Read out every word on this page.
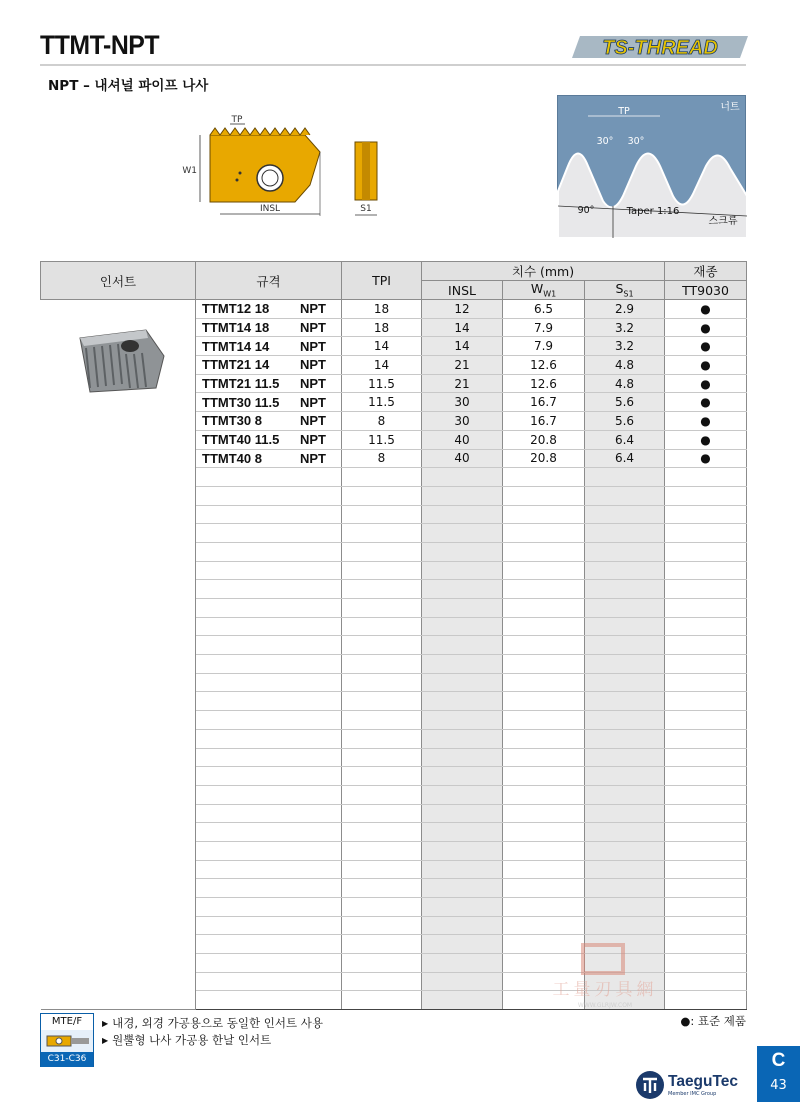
TTMT-NPT	TS-THREAD
NPT – 내셔널 파이프 나사
TP
W1
INSL	S1
너트
TP
30° 30°
90°	Taper 1:16
스크류
인서트	규격	TPI	치수 (mm)			재종
			INSL	$W_{W1}$	$S_{S1}$	TT9030
	TTMT12 18 NPT	18	12	6.5	2.9	●
	TTMT14 18 NPT	18	14	7.9	3.2	●
	TTMT14 14 NPT	14	14	7.9	3.2	●
	TTMT21 14 NPT	14	21	12.6	4.8	●
	TTMT21 11.5 NPT	11.5	21	12.6	4.8	●
	TTMT30 11.5 NPT	11.5	30	16.7	5.6	●
	TTMT30 8 NPT	8	30	16.7	5.6	●
	TTMT40 11.5 NPT	11.5	40	20.8	6.4	●
	TTMT40 8 NPT	8	40	20.8	6.4	●

MTE/F
C31-C36
▶ 내경, 외경 가공용으로 동일한 인서트 사용
▶ 원뿔형 나사 가공용 한날 인서트
●: 표준 제품
工量刃具網
WWW.GLRJW.COM
TaeguTec
Member IMC Group
C
43
